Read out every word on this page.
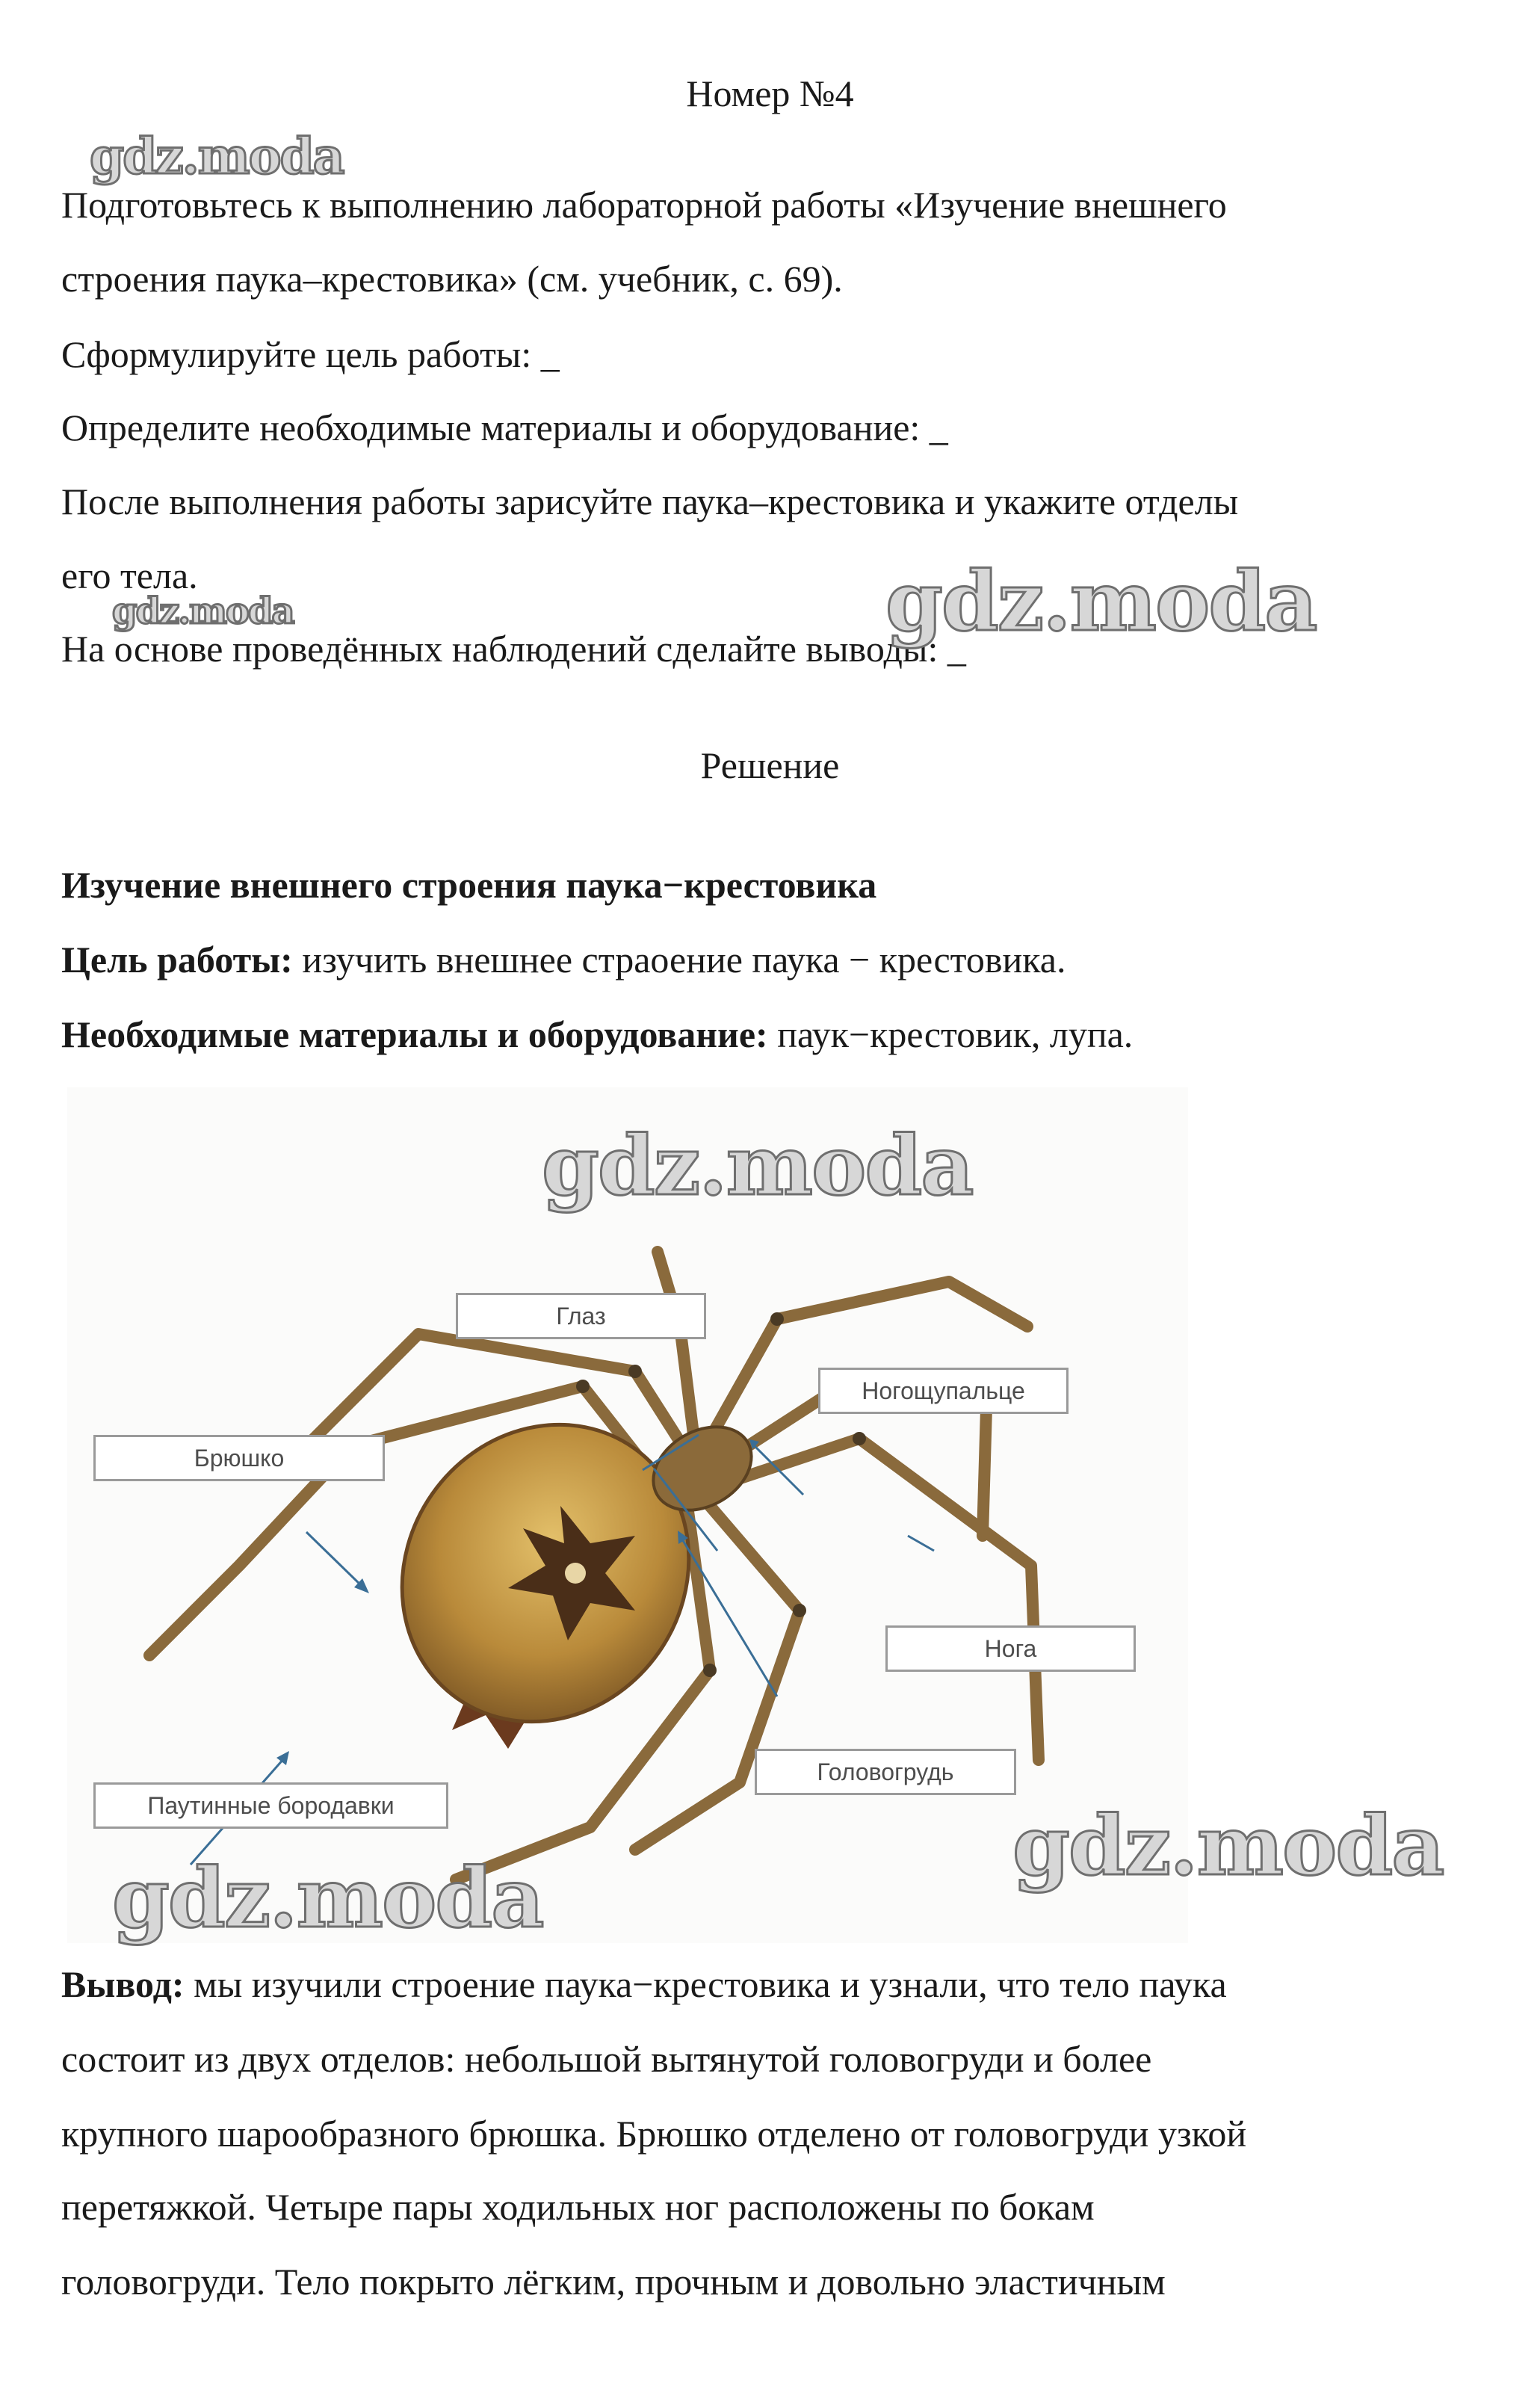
Номер №4
Подготовьтесь к выполнению лабораторной работы «Изучение внешнего
строения паука–крестовика» (см. учебник, с. 69).
Сформулируйте цель работы: _
Определите необходимые материалы и оборудование: _
После выполнения работы зарисуйте паука–крестовика и укажите отделы
его тела.
На основе проведённых наблюдений сделайте выводы: _
Решение
Изучение внешнего строения паука−крестовика
Цель работы: изучить внешнее страоение паука − крестовика.
Необходимые материалы и оборудование: паук−крестовик, лупа.
Глаз
Ногощупальце
Брюшко
Нога
Головогрудь
Паутинные бородавки
Вывод: мы изучили строение паука−крестовика и узнали, что тело паука
состоит из двух отделов: небольшой вытянутой головогруди и более
крупного шарообразного брюшка. Брюшко отделено от головогруди узкой
перетяжкой. Четыре пары ходильных ног расположены по бокам
головогруди. Тело покрыто лёгким, прочным и довольно эластичным
gdz.moda
gdz.moda	gdz.moda
gdz.moda
gdz.moda
gdz.moda
